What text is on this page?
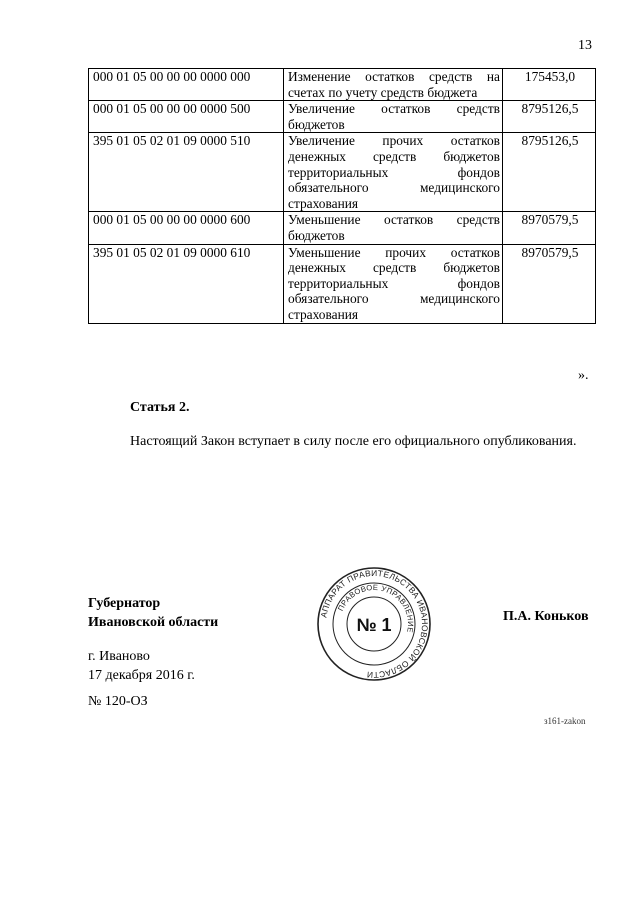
13
000 01 05 00 00 00 0000 000	Изменение остатков средств на счетах по учету средств бюджета	175453,0
000 01 05 00 00 00 0000 500	Увеличение остатков средств бюджетов	8795126,5
395 01 05 02 01 09 0000 510	Увеличение прочих остатков денежных средств бюджетов территориальных фондов обязательного медицинского страхования	8795126,5
000 01 05 00 00 00 0000 600	Уменьшение остатков средств бюджетов	8970579,5
395 01 05 02 01 09 0000 610	Уменьшение прочих остатков денежных средств бюджетов территориальных фондов обязательного медицинского страхования	8970579,5
».
Статья 2.
Настоящий Закон вступает в силу после его официального опубликования.
Губернатор
Ивановской области
АППАРАТ ПРАВИТЕЛЬСТВА ИВАНОВСКОЙ ОБЛАСТИ
ПРАВОВОЕ УПРАВЛЕНИЕ
№ 1	П.А. Коньков
г. Иваново
17 декабря 2016 г.
№ 120-ОЗ
з161-zakon
